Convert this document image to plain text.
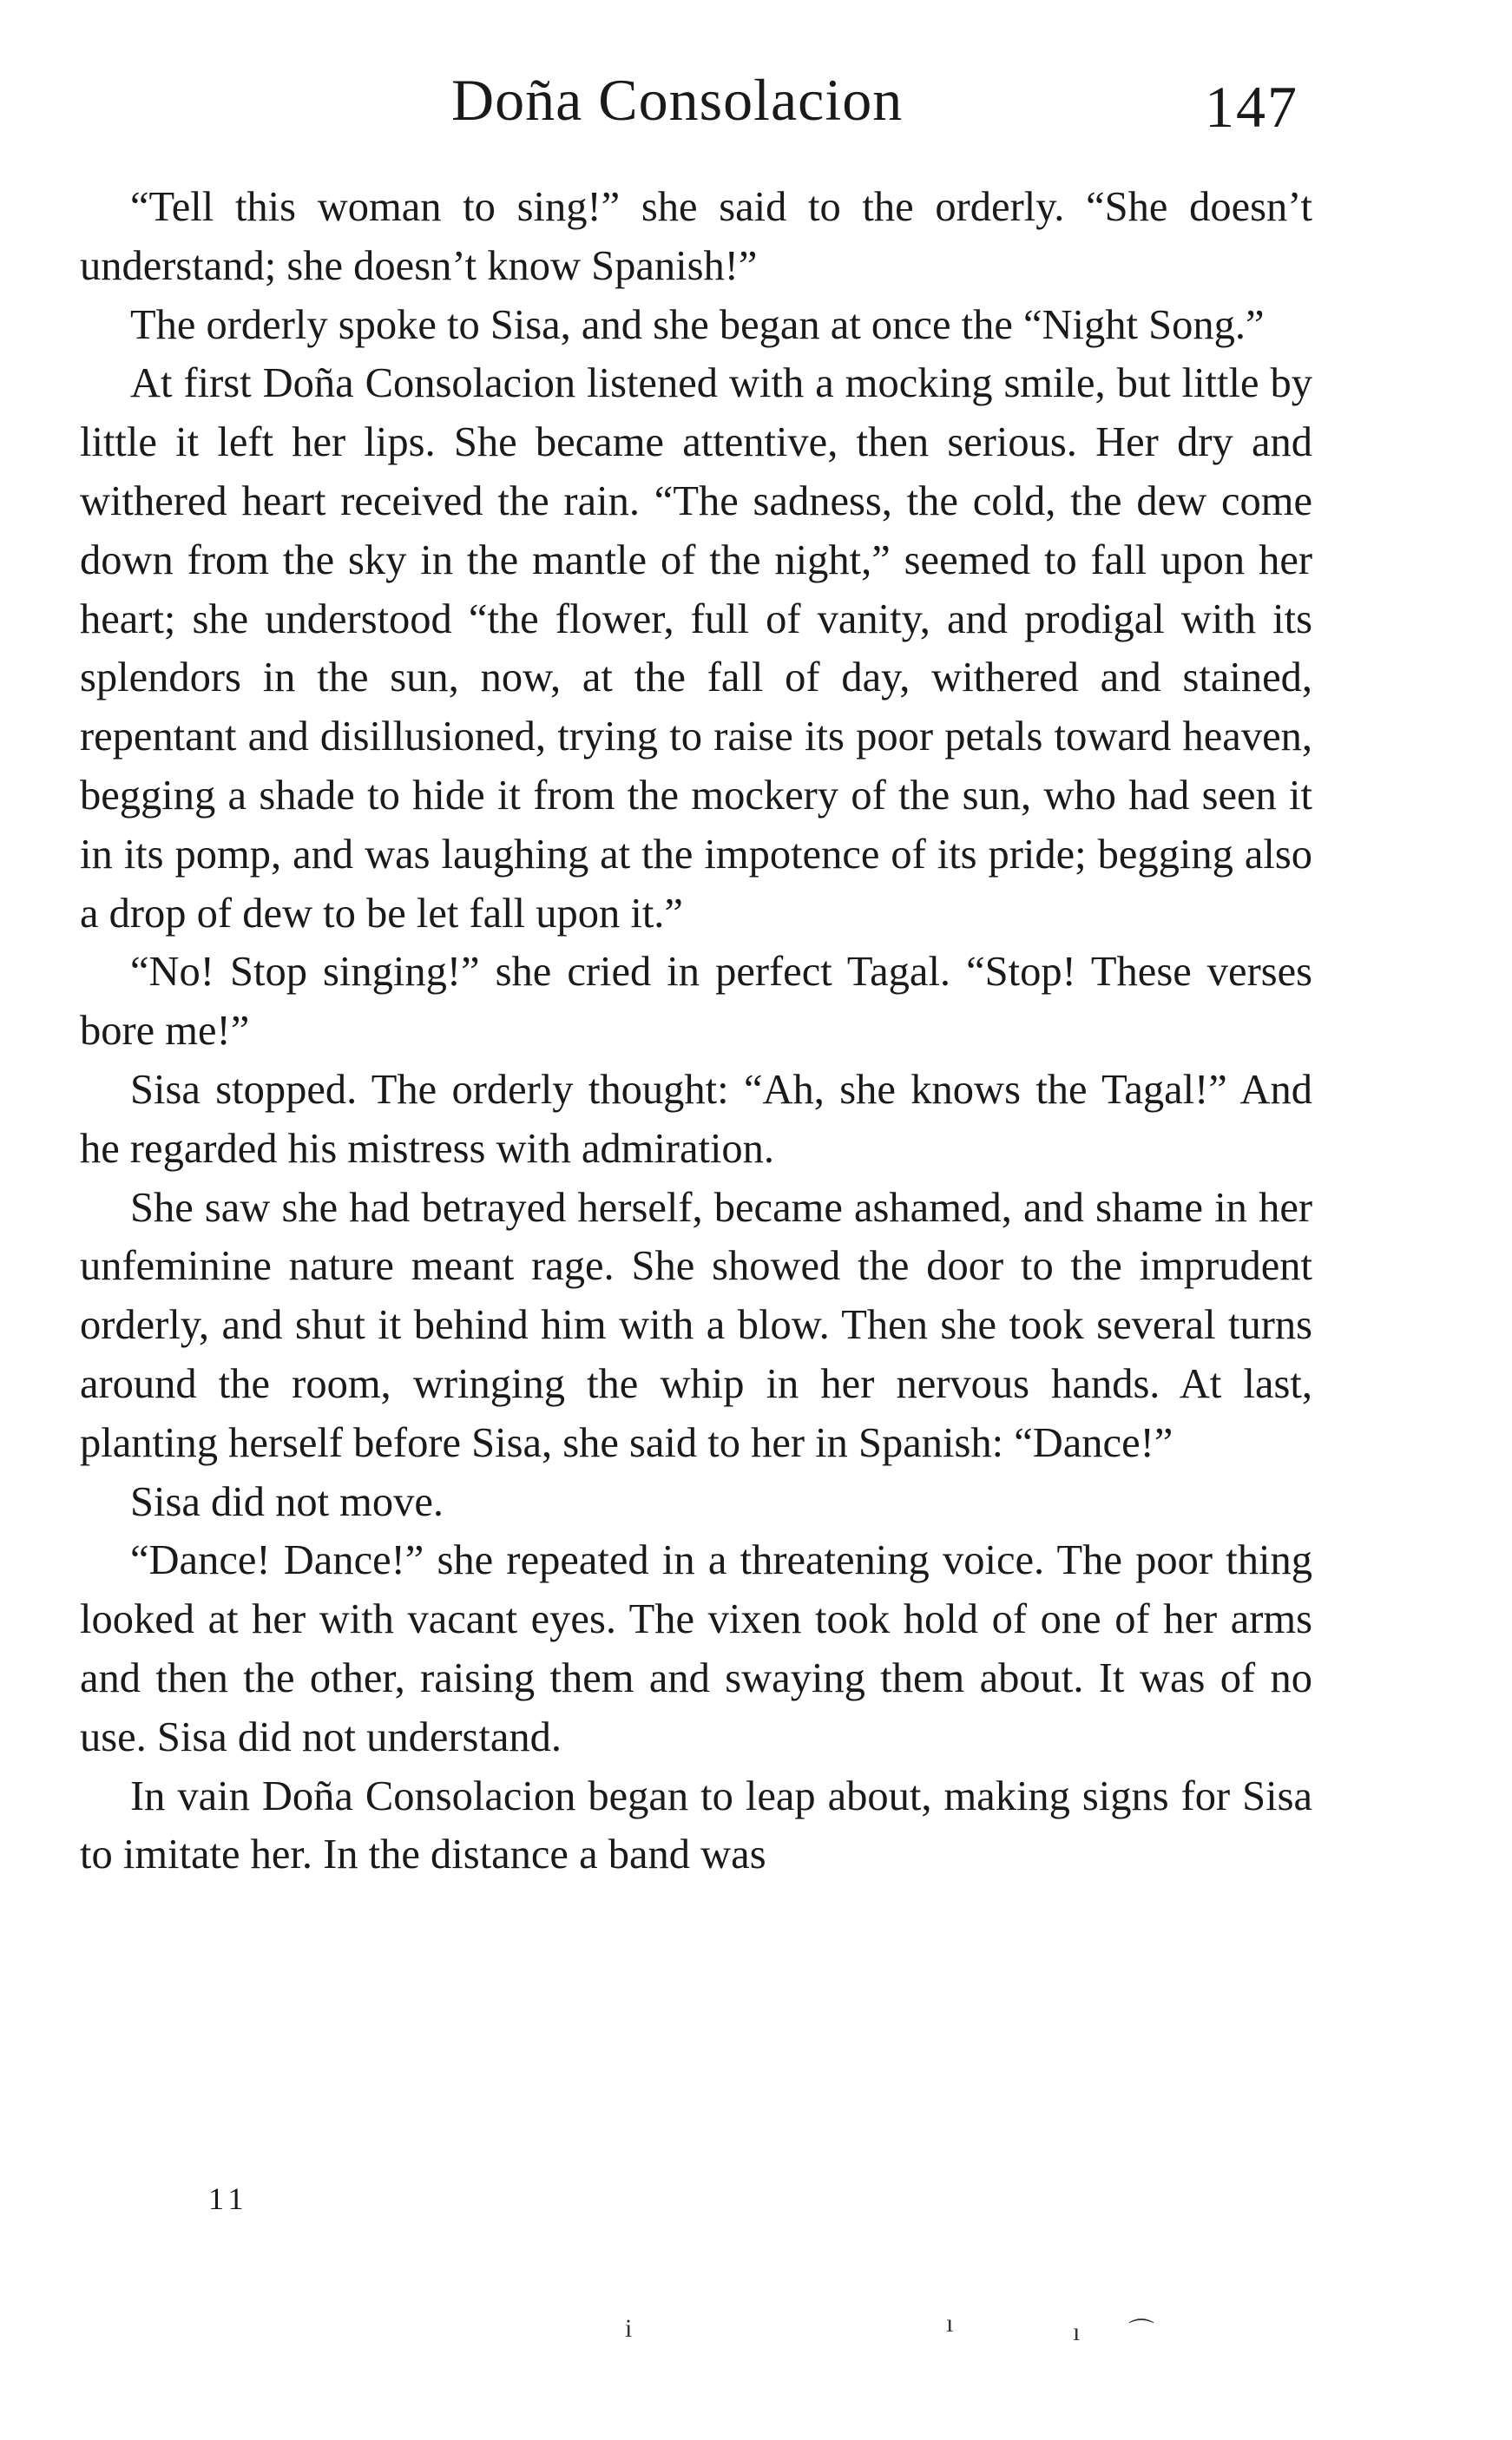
Doña Consolacion	147

“Tell this woman to sing!” she said to the orderly. “She doesn’t understand; she doesn’t know Spanish!”

The orderly spoke to Sisa, and she began at once the “Night Song.”

At first Doña Consolacion listened with a mocking smile, but little by little it left her lips. She became attentive, then serious. Her dry and withered heart received the rain. “The sadness, the cold, the dew come down from the sky in the mantle of the night,” seemed to fall upon her heart; she understood “the flower, full of vanity, and prodigal with its splendors in the sun, now, at the fall of day, withered and stained, repentant and disillusioned, trying to raise its poor petals toward heaven, begging a shade to hide it from the mockery of the sun, who had seen it in its pomp, and was laughing at the impotence of its pride; begging also a drop of dew to be let fall upon it.”

“No! Stop singing!” she cried in perfect Tagal. “Stop! These verses bore me!”

Sisa stopped. The orderly thought: “Ah, she knows the Tagal!” And he regarded his mistress with admiration.

She saw she had betrayed herself, became ashamed, and shame in her unfeminine nature meant rage. She showed the door to the imprudent orderly, and shut it behind him with a blow. Then she took several turns around the room, wringing the whip in her nervous hands. At last, planting herself before Sisa, she said to her in Spanish: “Dance!”

Sisa did not move.

“Dance! Dance!” she repeated in a threatening voice. The poor thing looked at her with vacant eyes. The vixen took hold of one of her arms and then the other, raising them and swaying them about. It was of no use. Sisa did not understand.

In vain Doña Consolacion began to leap about, making signs for Sisa to imitate her. In the distance a band was

11
i	ı	ı ⌒
